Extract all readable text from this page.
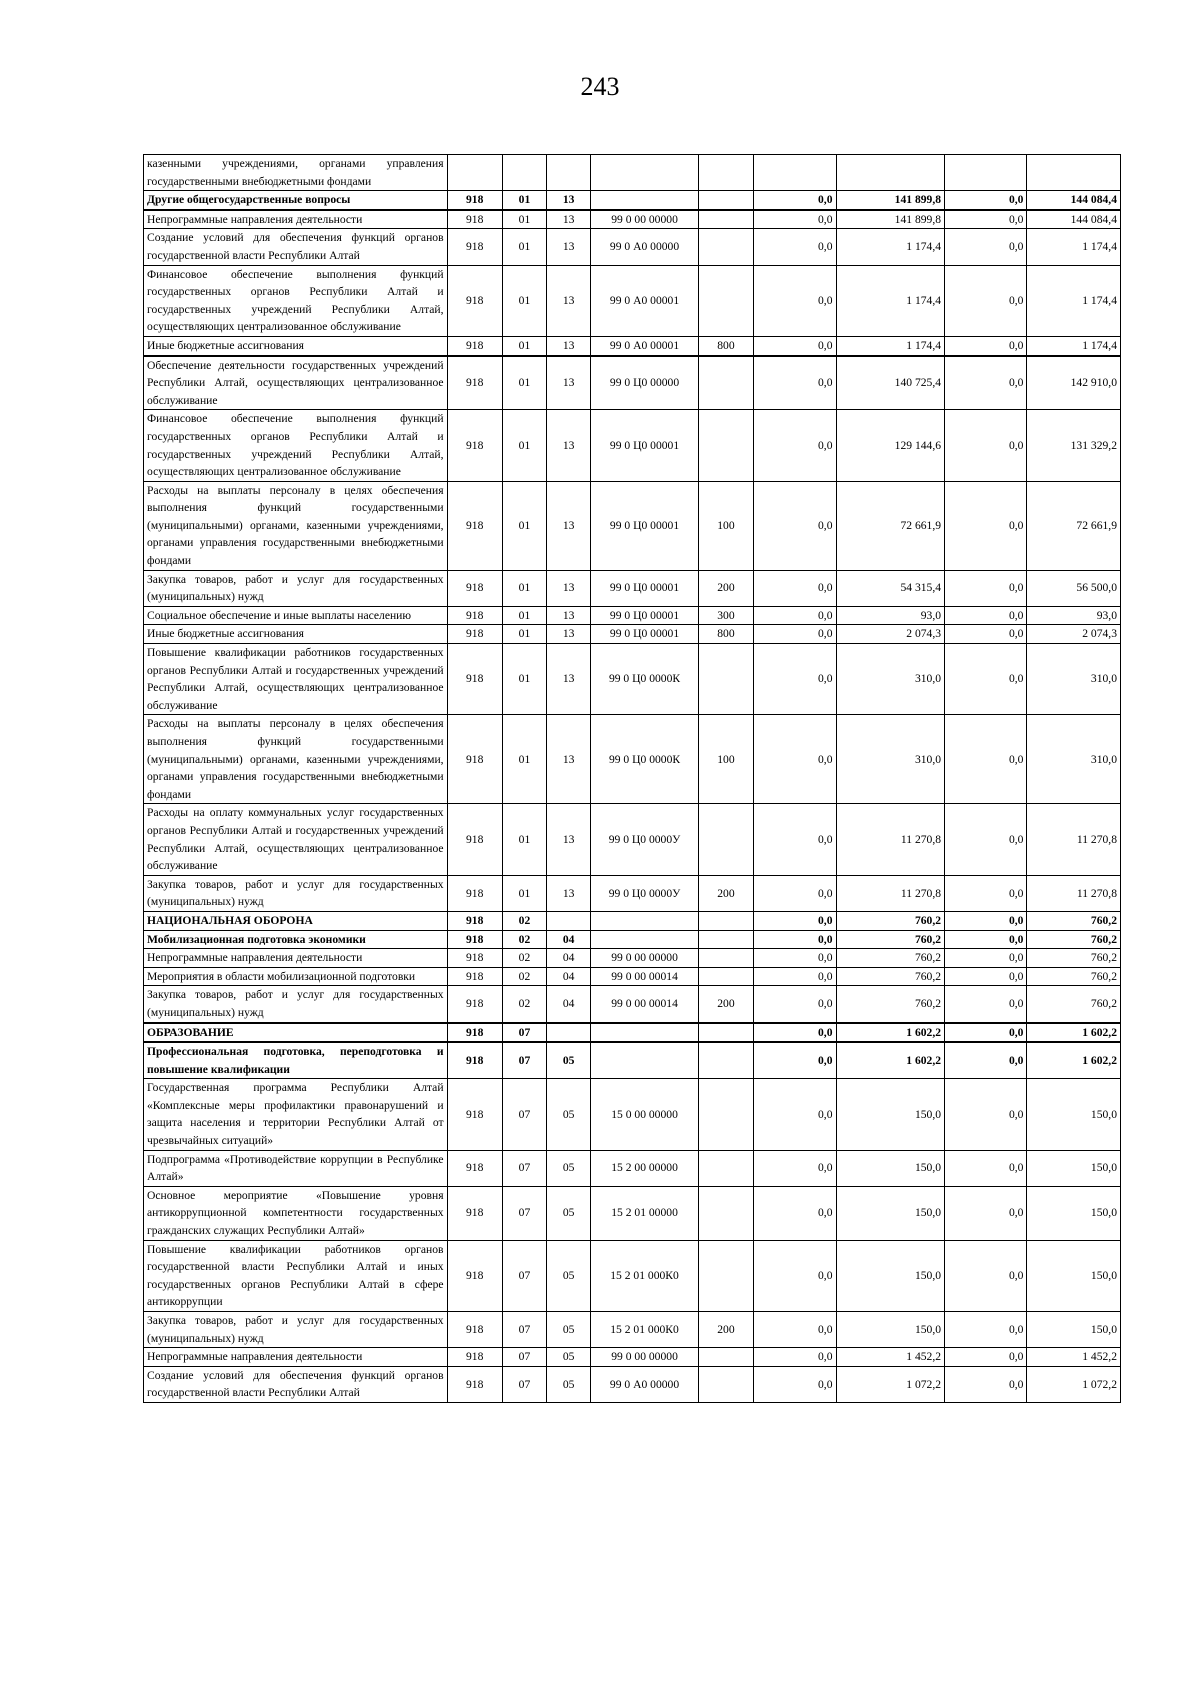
243
казенными учреждениями, органами управления государственными внебюджетными фондами									
Другие общегосударственные вопросы	918	01	13			0,0	141 899,8	0,0	144 084,4
Непрограммные направления деятельности	918	01	13	99 0 00 00000		0,0	141 899,8	0,0	144 084,4
Создание условий для обеспечения функций органов государственной власти Республики Алтай	918	01	13	99 0 А0 00000		0,0	1 174,4	0,0	1 174,4
Финансовое обеспечение выполнения функций государственных органов Республики Алтай и государственных учреждений Республики Алтай, осуществляющих централизованное обслуживание	918	01	13	99 0 А0 00001		0,0	1 174,4	0,0	1 174,4
Иные бюджетные ассигнования	918	01	13	99 0 А0 00001	800	0,0	1 174,4	0,0	1 174,4
Обеспечение деятельности государственных учреждений Республики Алтай, осуществляющих централизованное обслуживание	918	01	13	99 0 Ц0 00000		0,0	140 725,4	0,0	142 910,0
Финансовое обеспечение выполнения функций государственных органов Республики Алтай и государственных учреждений Республики Алтай, осуществляющих централизованное обслуживание	918	01	13	99 0 Ц0 00001		0,0	129 144,6	0,0	131 329,2
Расходы на выплаты персоналу в целях обеспечения выполнения функций государственными (муниципальными) органами, казенными учреждениями, органами управления государственными внебюджетными фондами	918	01	13	99 0 Ц0 00001	100	0,0	72 661,9	0,0	72 661,9
Закупка товаров, работ и услуг для государственных (муниципальных) нужд	918	01	13	99 0 Ц0 00001	200	0,0	54 315,4	0,0	56 500,0
Социальное обеспечение и иные выплаты населению	918	01	13	99 0 Ц0 00001	300	0,0	93,0	0,0	93,0
Иные бюджетные ассигнования	918	01	13	99 0 Ц0 00001	800	0,0	2 074,3	0,0	2 074,3
Повышение квалификации работников государственных органов Республики Алтай и государственных учреждений Республики Алтай, осуществляющих централизованное обслуживание	918	01	13	99 0 Ц0 0000К		0,0	310,0	0,0	310,0
Расходы на выплаты персоналу в целях обеспечения выполнения функций государственными (муниципальными) органами, казенными учреждениями, органами управления государственными внебюджетными фондами	918	01	13	99 0 Ц0 0000К	100	0,0	310,0	0,0	310,0
Расходы на оплату коммунальных услуг государственных органов Республики Алтай и государственных учреждений Республики Алтай, осуществляющих централизованное обслуживание	918	01	13	99 0 Ц0 0000У		0,0	11 270,8	0,0	11 270,8
Закупка товаров, работ и услуг для государственных (муниципальных) нужд	918	01	13	99 0 Ц0 0000У	200	0,0	11 270,8	0,0	11 270,8
НАЦИОНАЛЬНАЯ ОБОРОНА	918	02				0,0	760,2	0,0	760,2
Мобилизационная подготовка экономики	918	02	04			0,0	760,2	0,0	760,2
Непрограммные направления деятельности	918	02	04	99 0 00 00000		0,0	760,2	0,0	760,2
Мероприятия в области мобилизационной подготовки	918	02	04	99 0 00 00014		0,0	760,2	0,0	760,2
Закупка товаров, работ и услуг для государственных (муниципальных) нужд	918	02	04	99 0 00 00014	200	0,0	760,2	0,0	760,2
ОБРАЗОВАНИЕ	918	07				0,0	1 602,2	0,0	1 602,2
Профессиональная подготовка, переподготовка и повышение квалификации	918	07	05			0,0	1 602,2	0,0	1 602,2
Государственная программа Республики Алтай «Комплексные меры профилактики правонарушений и защита населения и территории Республики Алтай от чрезвычайных ситуаций»	918	07	05	15 0 00 00000		0,0	150,0	0,0	150,0
Подпрограмма «Противодействие коррупции в Республике Алтай»	918	07	05	15 2 00 00000		0,0	150,0	0,0	150,0
Основное мероприятие «Повышение уровня антикоррупционной компетентности государственных гражданских служащих Республики Алтай»	918	07	05	15 2 01 00000		0,0	150,0	0,0	150,0
Повышение квалификации работников органов государственной власти Республики Алтай и иных государственных органов Республики Алтай в сфере антикоррупции	918	07	05	15 2 01 000К0		0,0	150,0	0,0	150,0
Закупка товаров, работ и услуг для государственных (муниципальных) нужд	918	07	05	15 2 01 000К0	200	0,0	150,0	0,0	150,0
Непрограммные направления деятельности	918	07	05	99 0 00 00000		0,0	1 452,2	0,0	1 452,2
Создание условий для обеспечения функций органов государственной власти Республики Алтай	918	07	05	99 0 А0 00000		0,0	1 072,2	0,0	1 072,2
